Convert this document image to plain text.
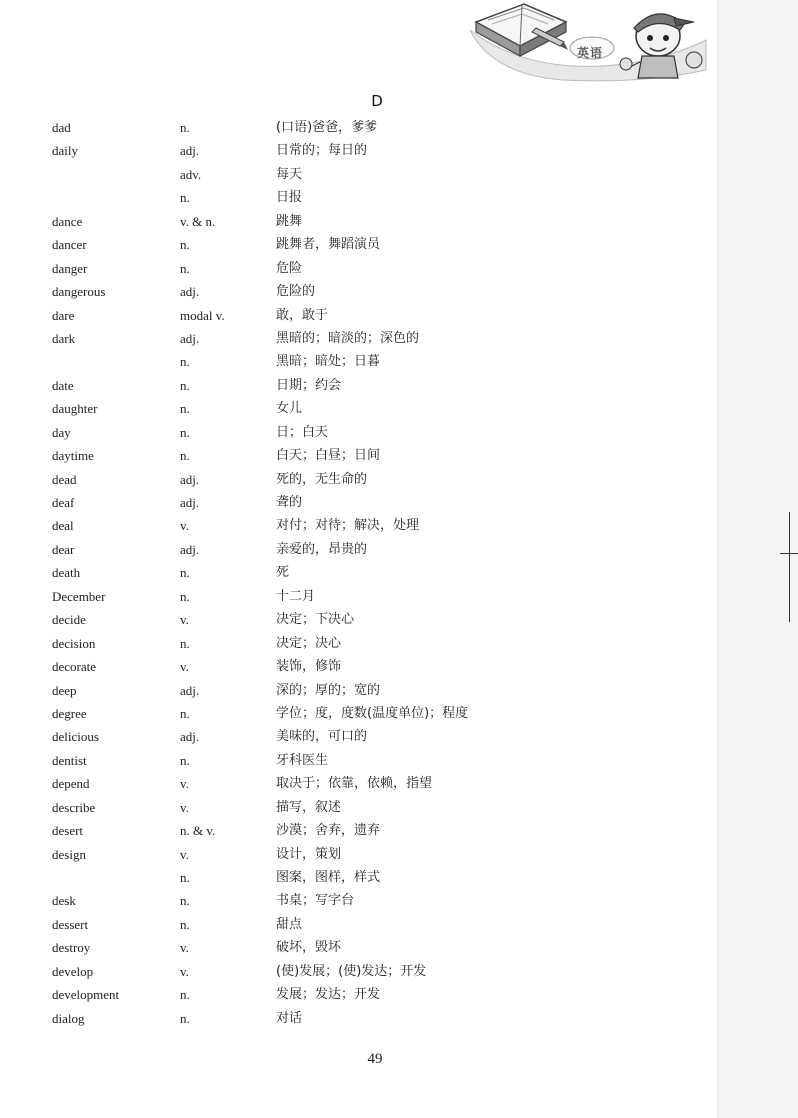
英语
D
dad	n.	(口语)爸爸，爹爹
daily	adj.	日常的；每日的
adv.	每天
n.	日报
dance	v. & n.	跳舞
dancer	n.	跳舞者，舞蹈演员
danger	n.	危险
dangerous	adj.	危险的
dare	modal v.	敢，敢于
dark	adj.	黑暗的；暗淡的；深色的
n.	黑暗；暗处；日暮
date	n.	日期；约会
daughter	n.	女儿
day	n.	日；白天
daytime	n.	白天；白昼；日间
dead	adj.	死的，无生命的
deaf	adj.	聋的
deal	v.	对付；对待；解决，处理
dear	adj.	亲爱的，昂贵的
death	n.	死
December	n.	十二月
decide	v.	决定；下决心
decision	n.	决定；决心
decorate	v.	装饰，修饰
deep	adj.	深的；厚的；宽的
degree	n.	学位；度，度数(温度单位)；程度
delicious	adj.	美味的，可口的
dentist	n.	牙科医生
depend	v.	取决于；依靠，依赖，指望
describe	v.	描写，叙述
desert	n. & v.	沙漠；舍弃，遗弃
design	v.	设计，策划
n.	图案，图样，样式
desk	n.	书桌；写字台
dessert	n.	甜点
destroy	v.	破坏，毁坏
develop	v.	(使)发展；(使)发达；开发
development	n.	发展；发达；开发
dialog	n.	对话
49
